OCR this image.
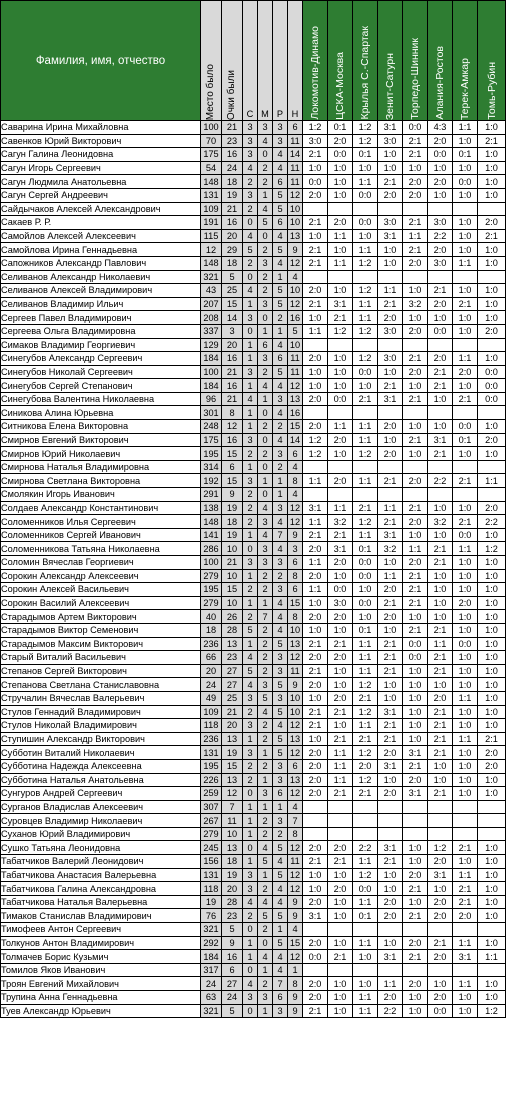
Фамилия, имя, отчество	Место было	Очки были	С	М	Р	Н	Локомотив-Динамо	ЦСКА-Москва	Крылья С.-Спартак	Зенит-Сатурн	Торпедо-Шинник	Алания-Ростов	Терек-Амкар	Томь-Рубин

Саварина Ирина Михайловна	100	21	3	3	3	6	1:2	0:1	1:2	3:1	0:0	4:3	1:1	1:0
Савенков Юрий Викторович	70	23	3	4	3	11	3:0	2:0	1:2	3:0	2:1	2:0	1:0	2:1
Сагун Галина Леонидовна	175	16	3	0	4	14	2:1	0:0	0:1	1:0	2:1	0:0	0:1	1:0
Сагун Игорь Сергеевич	54	24	4	2	4	11	1:0	1:0	1:0	1:0	1:0	1:0	1:0	1:0
Сагун Людмила Анатольевна	148	18	2	2	6	11	0:0	1:0	1:1	2:1	2:0	2:0	0:0	1:0
Сагун Сергей Андреевич	131	19	3	1	5	12	2:0	1:0	0:0	2:0	2:0	1:0	1:0	1:0
Сайдычаков Алексей Александрович	109	21	2	4	5	10								
Сакаев Р. Р.	191	16	0	5	6	10	2:1	2:0	0:0	3:0	2:1	3:0	1:0	2:0
Самойлов Алексей Алексеевич	115	20	4	0	4	13	1:0	1:1	1:0	3:1	1:1	2:2	1:0	2:1
Самойлова Ирина Геннадьевна	12	29	5	2	5	9	2:1	1:0	1:1	1:0	2:1	2:0	1:0	1:0
Сапожников Александр Павлович	148	18	2	3	4	12	2:1	1:1	1:2	1:0	2:0	3:0	1:1	1:0
Селиванов Александр Николаевич	321	5	0	2	1	4								
Селиванов Алексей Владимирович	43	25	4	2	5	10	2:0	1:0	1:2	1:1	1:0	2:1	1:0	1:0
Селиванов Владимир Ильич	207	15	1	3	5	12	2:1	3:1	1:1	2:1	3:2	2:0	2:1	1:0
Сергеев Павел Владимирович	208	14	3	0	2	16	1:0	2:1	1:1	2:0	1:0	1:0	1:0	1:0
Сергеева Ольга Владимировна	337	3	0	1	1	5	1:1	1:2	1:2	3:0	2:0	0:0	1:0	2:0
Симаков Владимир Георгиевич	129	20	1	6	4	10								
Синегубов Александр Сергеевич	184	16	1	3	6	11	2:0	1:0	1:2	3:0	2:1	2:0	1:1	1:0
Синегубов Николай Сергеевич	100	21	3	2	5	11	1:0	1:0	0:0	1:0	2:0	2:1	2:0	0:0
Синегубов Сергей Степанович	184	16	1	4	4	12	1:0	1:0	1:0	2:1	1:0	2:1	1:0	0:0
Синегубова Валентина Николаевна	96	21	4	1	3	13	2:0	0:0	2:1	3:1	2:1	1:0	2:1	0:0
Синикова Алина Юрьевна	301	8	1	0	4	16								
Ситникова Елена Викторовна	248	12	1	2	2	15	2:0	1:1	1:1	2:0	1:0	1:0	0:0	1:0
Смирнов Евгений Викторович	175	16	3	0	4	14	1:2	2:0	1:1	1:0	2:1	3:1	0:1	2:0
Смирнов Юрий Николаевич	195	15	2	2	3	6	1:2	1:0	1:2	2:0	1:0	2:1	1:0	1:0
Смирнова Наталья Владимировна	314	6	1	0	2	4								
Смирнова Светлана Викторовна	192	15	3	1	1	8	1:1	2:0	1:1	2:1	2:0	2:2	2:1	1:1
Смолякин Игорь Иванович	291	9	2	0	1	4								
Солдаев Александр Константинович	138	19	2	4	3	12	3:1	1:1	2:1	1:1	2:1	1:0	1:0	2:0
Соломенников Илья Сергеевич	148	18	2	3	4	12	1:1	3:2	1:2	2:1	2:0	3:2	2:1	2:2
Соломенников Сергей Иванович	141	19	1	4	7	9	2:1	2:1	1:1	3:1	1:0	1:0	0:0	1:0
Соломенникова Татьяна Николаевна	286	10	0	3	4	3	2:0	3:1	0:1	3:2	1:1	2:1	1:1	1:2
Соломин Вячеслав Георгиевич	100	21	3	3	3	6	1:1	2:0	0:0	1:0	2:0	2:1	1:0	1:0
Сорокин Александр Алексеевич	279	10	1	2	2	8	2:0	1:0	0:0	1:1	2:1	1:0	1:0	1:0
Сорокин Алексей Васильевич	195	15	2	2	3	6	1:1	0:0	1:0	2:0	2:1	1:0	1:0	1:0
Сорокин Василий Алексеевич	279	10	1	1	4	15	1:0	3:0	0:0	2:1	2:1	1:0	2:0	1:0
Старадымов Артем Викторович	40	26	2	7	4	8	2:0	2:0	1:0	2:0	1:0	1:0	1:0	1:0
Старадымов Виктор Семенович	18	28	5	2	4	10	1:0	1:0	0:1	1:0	2:1	2:1	1:0	1:0
Старадымов Максим Викторович	236	13	1	2	5	13	2:1	2:1	1:1	2:1	0:0	1:1	0:0	1:0
Старый Виталий Васильевич	66	23	4	2	3	12	2:0	2:0	1:1	2:1	0:0	2:1	1:0	1:0
Степанов Сергей Викторович	20	27	5	2	3	11	2:1	1:0	1:1	2:1	1:0	2:1	1:0	1:0
Степанова Светлана Станиславовна	24	27	4	3	5	9	2:0	1:0	1:2	1:0	1:0	1:0	1:0	1:0
Стручалин Вячеслав Валерьевич	49	25	3	5	3	10	1:0	2:0	2:1	1:0	1:0	2:0	1:1	1:0
Стулов Геннадий Владимирович	109	21	2	4	5	10	2:1	2:1	1:2	3:1	1:0	2:1	1:0	1:0
Стулов Николай Владимирович	118	20	3	2	4	12	2:1	1:0	1:1	2:1	1:0	2:1	1:0	1:0
Ступишин Александр Викторович	236	13	1	2	5	13	1:0	2:1	2:1	2:1	1:0	2:1	1:1	2:1
Субботин Виталий Николаевич	131	19	3	1	5	12	2:0	1:1	1:2	2:0	3:1	2:1	1:0	2:0
Субботина Надежда Алексеевна	195	15	2	2	3	6	2:0	1:1	2:0	3:1	2:1	1:0	1:0	2:0
Субботина Наталья Анатольевна	226	13	2	1	3	13	2:0	1:1	1:2	1:0	2:0	1:0	1:0	1:0
Сунгуров Андрей Сергеевич	259	12	0	3	6	12	2:0	2:1	2:1	2:0	3:1	2:1	1:0	1:0
Сурганов Владислав Алексеевич	307	7	1	1	1	4								
Суровцев Владимир Николаевич	267	11	1	2	3	7								
Суханов Юрий Владимирович	279	10	1	2	2	8								
Сушко Татьяна Леонидовна	245	13	0	4	5	12	2:0	2:0	2:2	3:1	1:0	1:2	2:1	1:0
Табатчиков Валерий Леонидович	156	18	1	5	4	11	2:1	2:1	1:1	2:1	1:0	2:0	1:0	1:0
Табатчикова Анастасия Валерьевна	131	19	3	1	5	12	1:0	1:0	1:2	1:0	2:0	3:1	1:1	1:0
Табатчикова Галина Александровна	118	20	3	2	4	12	1:0	2:0	0:0	1:0	2:1	1:0	2:1	1:0
Табатчикова Наталья Валерьевна	19	28	4	4	4	9	2:0	1:0	1:1	2:0	1:0	2:0	2:1	1:0
Тимаков Станислав Владимирович	76	23	2	5	5	9	3:1	1:0	0:1	2:0	2:1	2:0	2:0	1:0
Тимофеев Антон Сергеевич	321	5	0	2	1	4								
Толкунов Антон Владимирович	292	9	1	0	5	15	2:0	1:0	1:1	1:0	2:0	2:1	1:1	1:0
Толмачев Борис Кузьмич	184	16	1	4	4	12	0:0	2:1	1:0	3:1	2:1	2:0	3:1	1:1
Томилов Яков Иванович	317	6	0	1	4	1								
Троян Евгений Михайлович	24	27	4	2	7	8	2:0	1:0	1:0	1:1	2:0	1:0	1:1	1:0
Трупина Анна Геннадьевна	63	24	3	3	6	9	2:0	1:0	1:1	2:0	1:0	2:0	1:0	1:0
Туев Александр Юрьевич	321	5	0	1	3	9	2:1	1:0	1:1	2:2	1:0	0:0	1:0	1:2
